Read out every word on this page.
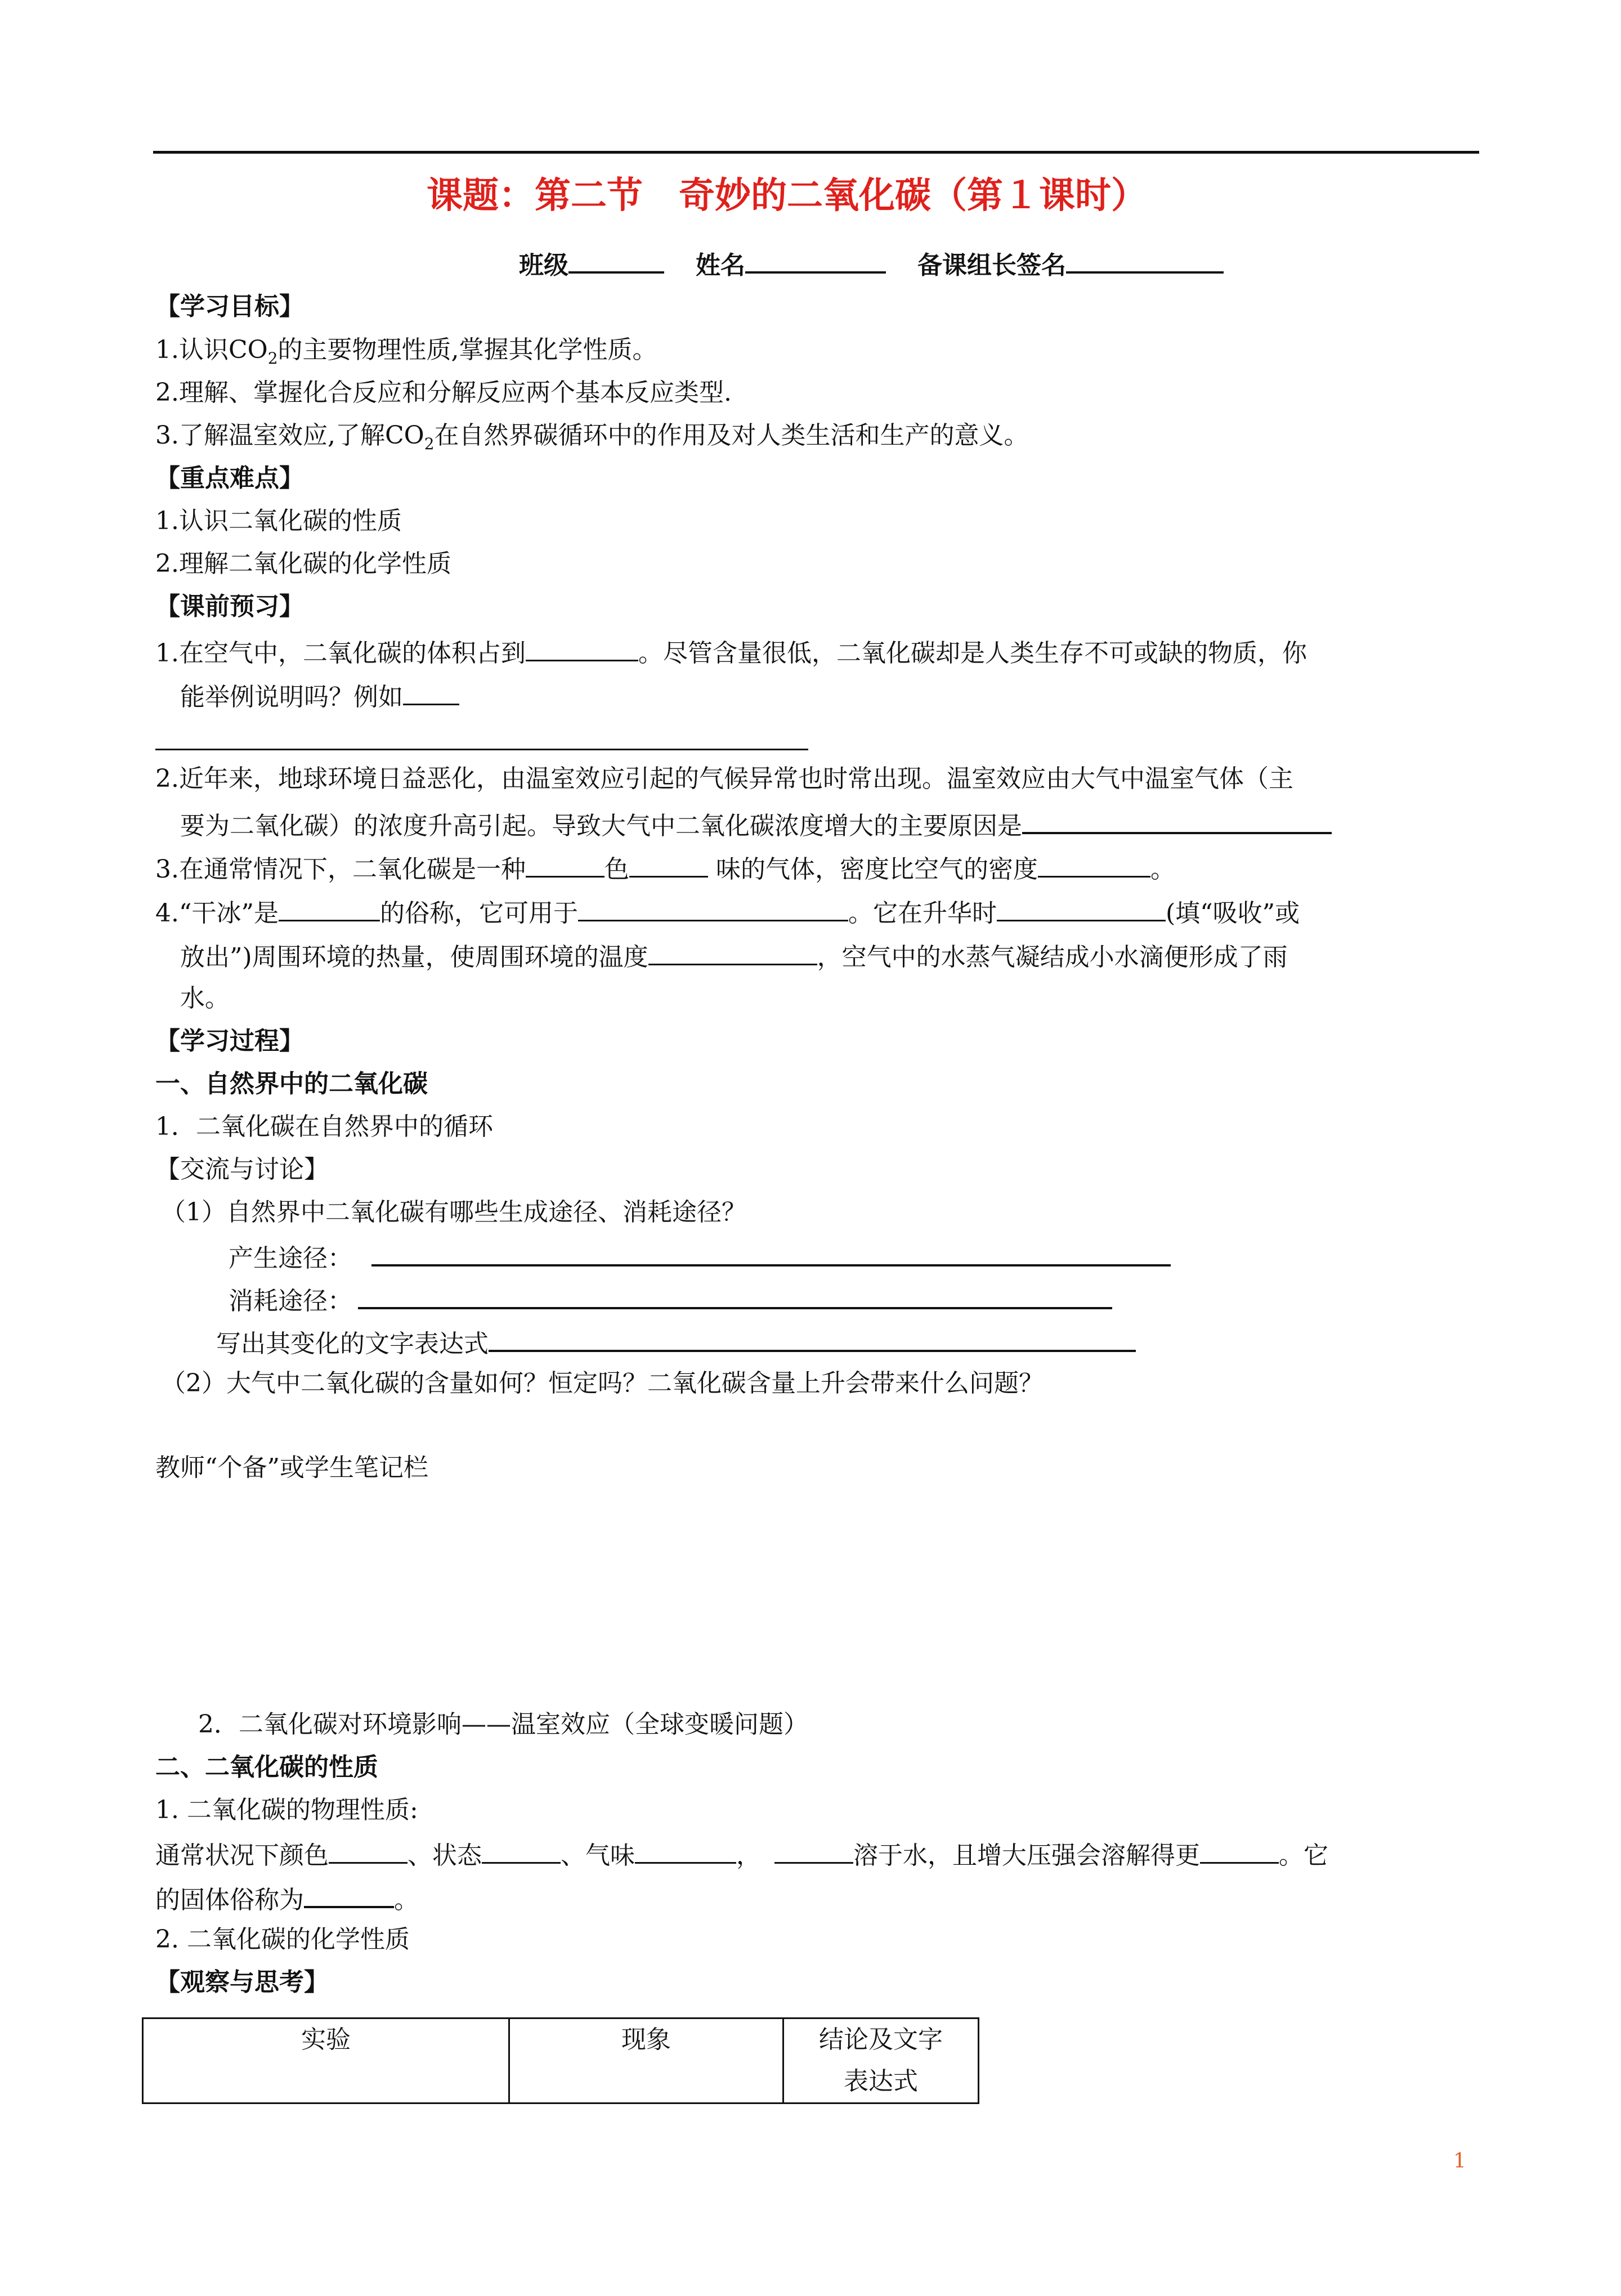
课题：第二节　奇妙的二氧化碳（第１课时）
班级	姓名	备课组长签名
【学习目标】
1.认识$CO_2$的主要物理性质,掌握其化学性质。
2.理解、掌握化合反应和分解反应两个基本反应类型.
3.了解温室效应,了解$CO_2$在自然界碳循环中的作用及对人类生活和生产的意义。
【重点难点】
1.认识二氧化碳的性质
2.理解二氧化碳的化学性质
【课前预习】
1.在空气中，二氧化碳的体积占到	。尽管含量很低，二氧化碳却是人类生存不可或缺的物质，你
能举例说明吗？例如
2.近年来，地球环境日益恶化，由温室效应引起的气候异常也时常出现。温室效应由大气中温室气体（主
要为二氧化碳）的浓度升高引起。导致大气中二氧化碳浓度增大的主要原因是
3.在通常情况下，二氧化碳是一种	色	味的气体，密度比空气的密度	。
4.“干冰”是	的俗称，它可用于	。它在升华时	(填“吸收”或
放出”)周围环境的热量，使周围环境的温度	，空气中的水蒸气凝结成小水滴便形成了雨
水。
【学习过程】
一、自然界中的二氧化碳
1．二氧化碳在自然界中的循环
【交流与讨论】
（1）自然界中二氧化碳有哪些生成途径、消耗途径？
产生途径：
消耗途径：
写出其变化的文字表达式
（2）大气中二氧化碳的含量如何？恒定吗？二氧化碳含量上升会带来什么问题？
教师“个备”或学生笔记栏
2．二氧化碳对环境影响——温室效应（全球变暖问题）
二、二氧化碳的性质
1. 二氧化碳的物理性质:
通常状况下颜色	、状态	、气味	，	溶于水，且增大压强会溶解得更	。它
的固体俗称为	。
2. 二氧化碳的化学性质
【观察与思考】
实验	现象	结论及文字
表达式
1
